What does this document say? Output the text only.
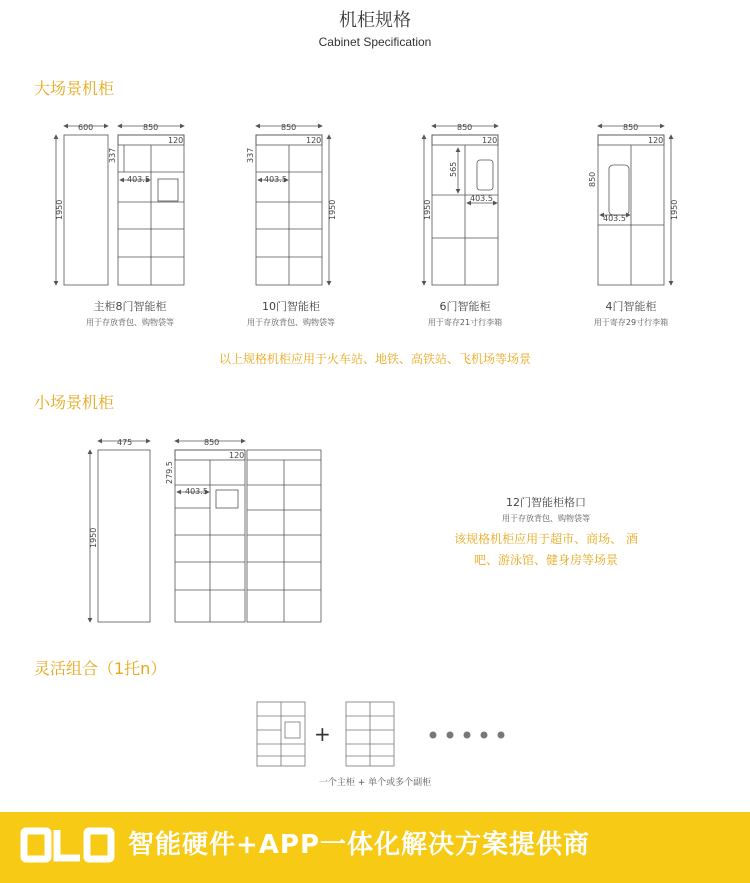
机柜规格
Cabinet Specification
大场景机柜
600	850
120
403.5
337
1950
850
120
403.5
337
1950
850
120
403.5
565
1950
850
120
403.5
850
1950
主柜8门智能柜
用于存放背包、购物袋等
10门智能柜
用于存放背包、购物袋等
6门智能柜
用于寄存21寸行李箱
4门智能柜
用于寄存29寸行李箱
以上规格机柜应用于火车站、地铁、高铁站、飞机场等场景
小场景机柜
475	850
120
403.5
279.5
1950
12门智能柜格口
用于存放背包、购物袋等
该规格机柜应用于超市、商场、 酒
吧、游泳馆、健身房等场景
灵活组合（1托n）
+
一个主柜 + 单个或多个副柜
智能硬件+APP一体化解决方案提供商
